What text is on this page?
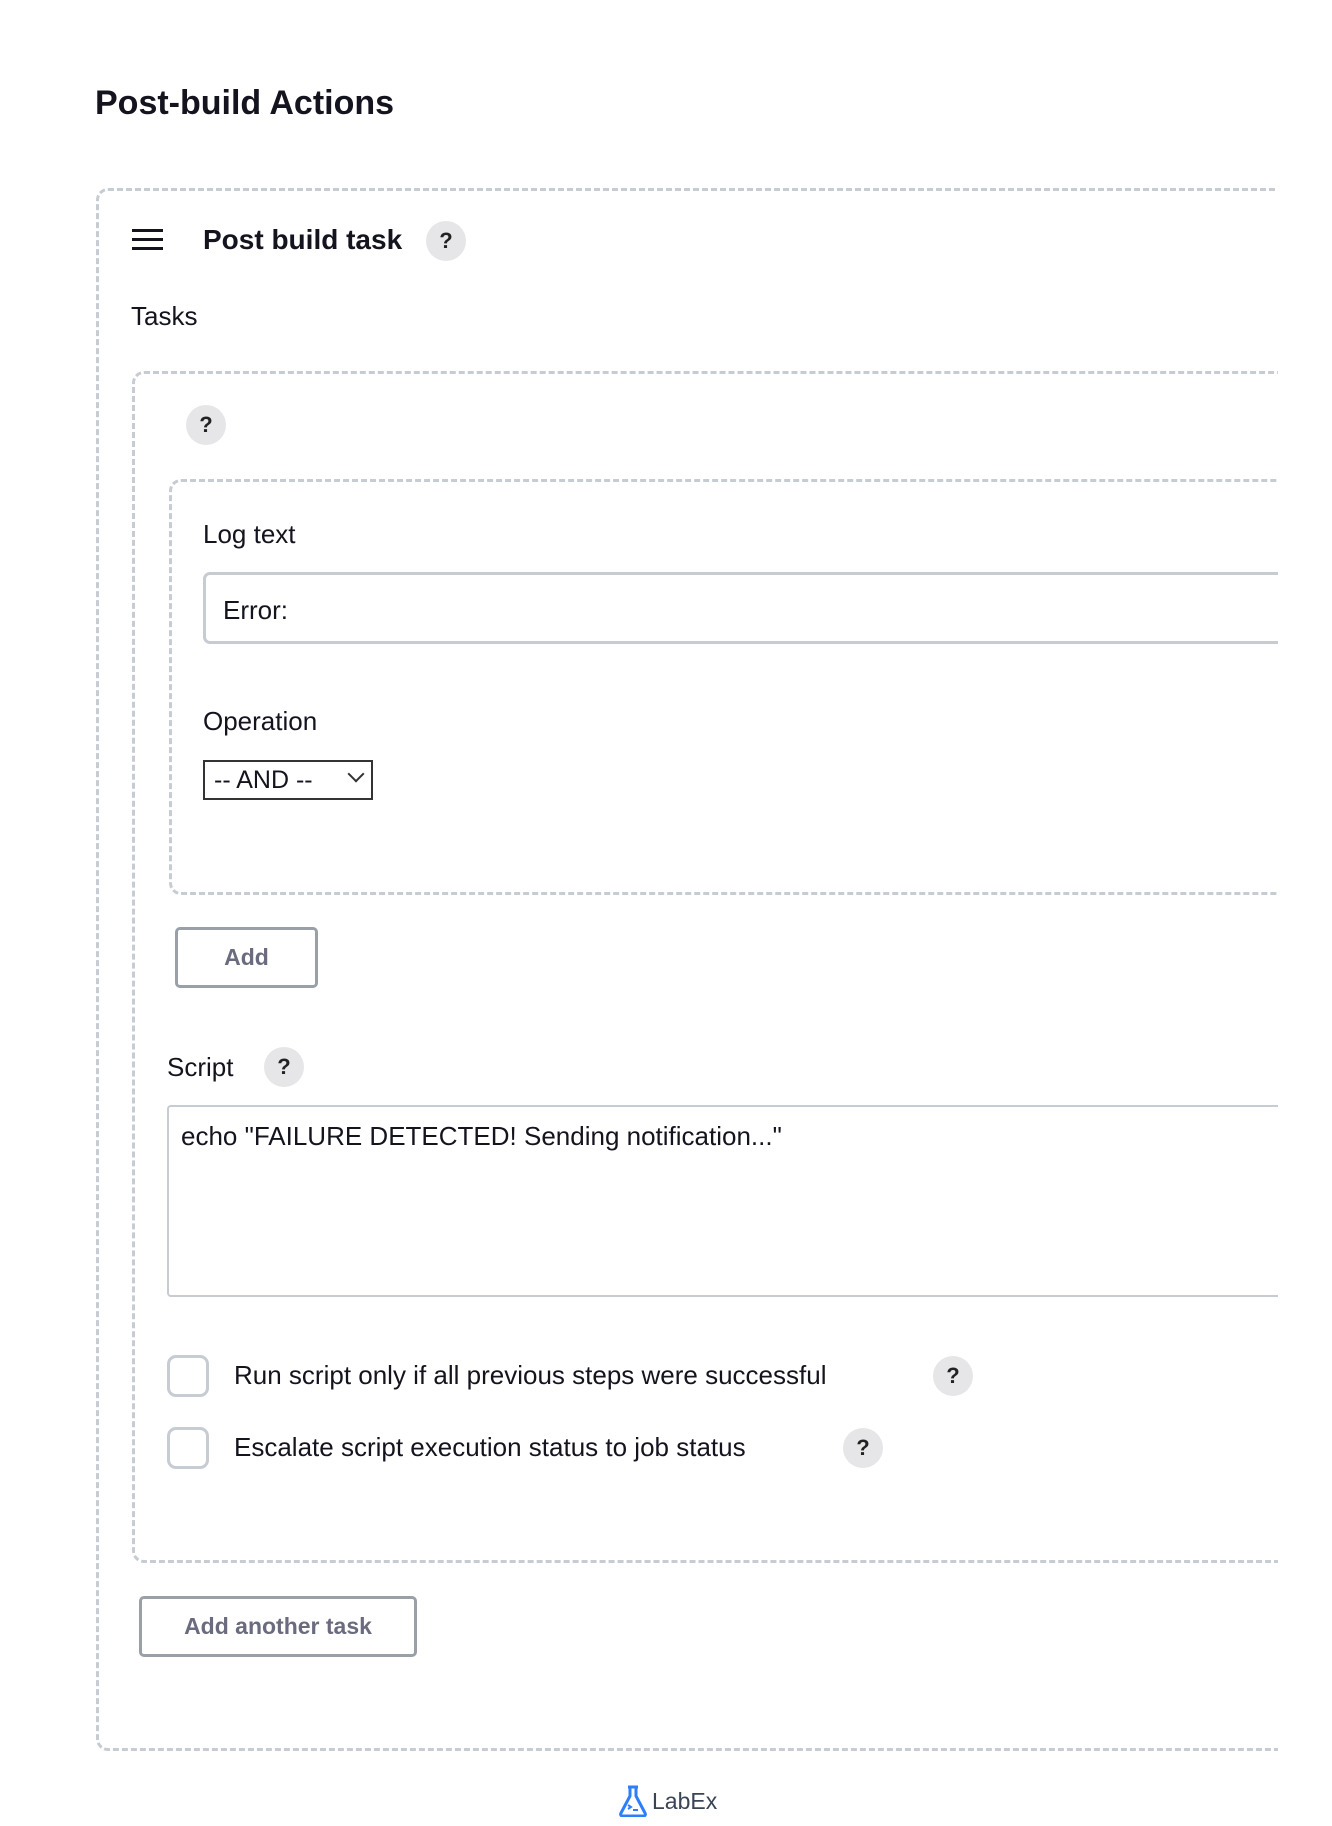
Post-build Actions
Post build task	?
Tasks
?
Log text
Error:
Operation
-- AND --
Add
Script	?
echo "FAILURE DETECTED! Sending notification..."
Run script only if all previous steps were successful	?
Escalate script execution status to job status	?
Add another task
LabEx
